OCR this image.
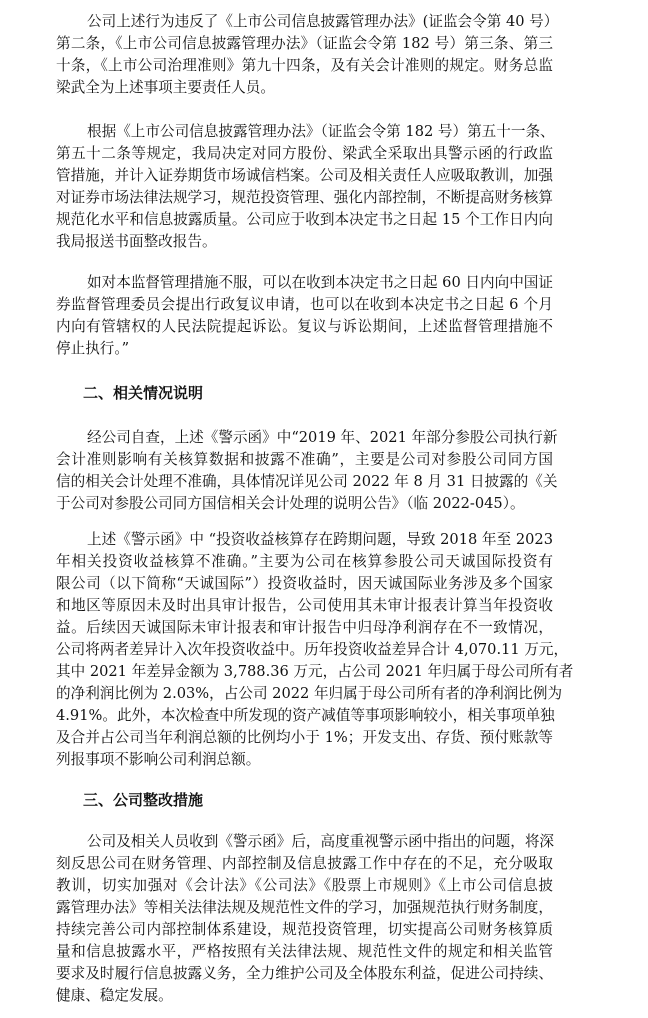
公司上述行为违反了《上市公司信息披露管理办法》(证监会令第 40 号）
第二条，《上市公司信息披露管理办法》（证监会令第 182 号）第三条、第三
十条，《上市公司治理准则》第九十四条，及有关会计准则的规定。财务总监
梁武全为上述事项主要责任人员。
根据《上市公司信息披露管理办法》（证监会令第 182 号）第五十一条、
第五十二条等规定，我局决定对同方股份、梁武全采取出具警示函的行政监
管措施，并计入证券期货市场诚信档案。公司及相关责任人应吸取教训，加强
对证券市场法律法规学习，规范投资管理、强化内部控制，不断提高财务核算
规范化水平和信息披露质量。公司应于收到本决定书之日起 15 个工作日内向
我局报送书面整改报告。
如对本监督管理措施不服，可以在收到本决定书之日起 60 日内向中国证
券监督管理委员会提出行政复议申请，也可以在收到本决定书之日起 6 个月
内向有管辖权的人民法院提起诉讼。复议与诉讼期间，上述监督管理措施不
停止执行。”
二、相关情况说明
经公司自查，上述《警示函》中“2019 年、2021 年部分参股公司执行新
会计准则影响有关核算数据和披露不准确”，主要是公司对参股公司同方国
信的相关会计处理不准确，具体情况详见公司 2022 年 8 月 31 日披露的《关
于公司对参股公司同方国信相关会计处理的说明公告》（临 2022-045）。
上述《警示函》中 “投资收益核算存在跨期问题，导致 2018 年至 2023
年相关投资收益核算不准确。”主要为公司在核算参股公司天诚国际投资有
限公司（以下简称“天诚国际”）投资收益时，因天诚国际业务涉及多个国家
和地区等原因未及时出具审计报告，公司使用其未审计报表计算当年投资收
益。后续因天诚国际未审计报表和审计报告中归母净利润存在不一致情况，
公司将两者差异计入次年投资收益中。历年投资收益差异合计 4,070.11 万元，
其中 2021 年差异金额为 3,788.36 万元，占公司 2021 年归属于母公司所有者
的净利润比例为 2.03%，占公司 2022 年归属于母公司所有者的净利润比例为
4.91%。此外，本次检查中所发现的资产减值等事项影响较小，相关事项单独
及合并占公司当年利润总额的比例均小于 1%；开发支出、存货、预付账款等
列报事项不影响公司利润总额。
三、公司整改措施
公司及相关人员收到《警示函》后，高度重视警示函中指出的问题，将深
刻反思公司在财务管理、内部控制及信息披露工作中存在的不足，充分吸取
教训，切实加强对《会计法》《公司法》《股票上市规则》《上市公司信息披
露管理办法》等相关法律法规及规范性文件的学习，加强规范执行财务制度，
持续完善公司内部控制体系建设，规范投资管理，切实提高公司财务核算质
量和信息披露水平，严格按照有关法律法规、规范性文件的规定和相关监管
要求及时履行信息披露义务，全力维护公司及全体股东利益，促进公司持续、
健康、稳定发展。
